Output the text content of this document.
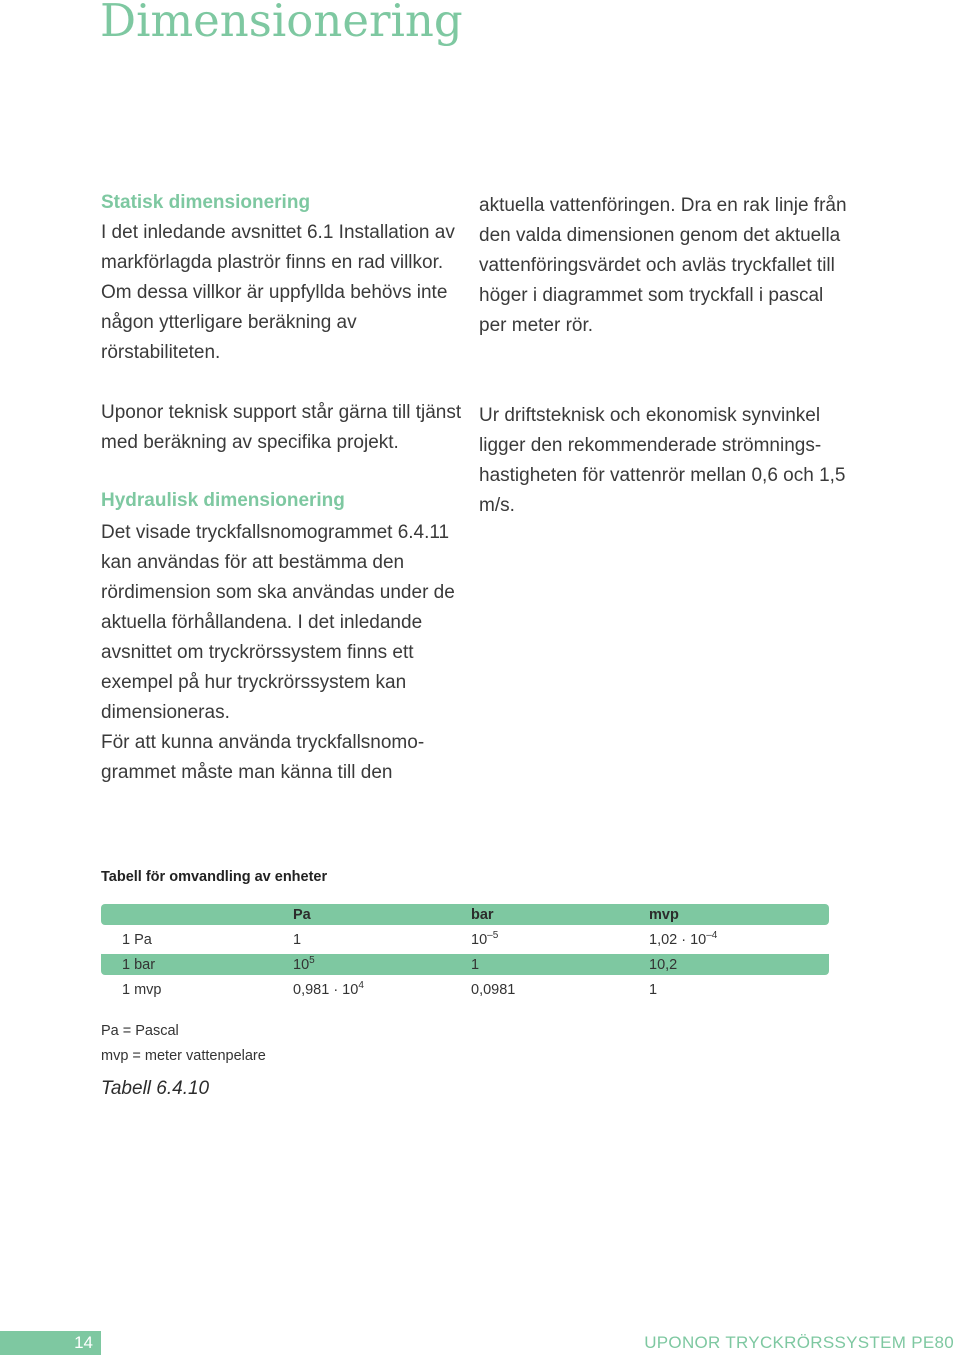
Dimensionering

Statisk dimensionering

I det inledande avsnittet 6.1 Installation av markförlagda plaströr finns en rad villkor. Om dessa villkor är uppfyllda behövs inte någon ytterligare beräkning av rörstabiliteten.

Uponor teknisk support står gärna till tjänst med beräkning av specifika projekt.

Hydraulisk dimensionering

Det visade tryckfallsnomogrammet 6.4.11 kan användas för att bestämma den rördimension som ska användas under de aktuella förhållandena. I det inledande avsnittet om tryckrörssystem finns ett exempel på hur tryckrörssystem kan dimensioneras.

För att kunna använda tryckfallsnomo-grammet måste man känna till den

aktuella vattenföringen. Dra en rak linje från den valda dimensionen genom det aktuella vattenföringsvärdet och avläs tryckfallet till höger i diagrammet som tryckfall i pascal per meter rör.

Ur driftsteknisk och ekonomisk synvinkel ligger den rekommenderade strömnings-hastigheten för vattenrör mellan 0,6 och 1,5 m/s.

Tabell för omvandling av enheter
	Pa	bar	mvp
1 Pa	1	$10^{-5}$	$1,02 \cdot 10^{-4}$
1 bar	$10^5$	1	10,2
1 mvp	$0,981 \cdot 10^4$	0,0981	1

Pa = Pascal

mvp = meter vattenpelare

Tabell 6.4.10
14	UPONOR TRYCKRÖRSSYSTEM PE80
